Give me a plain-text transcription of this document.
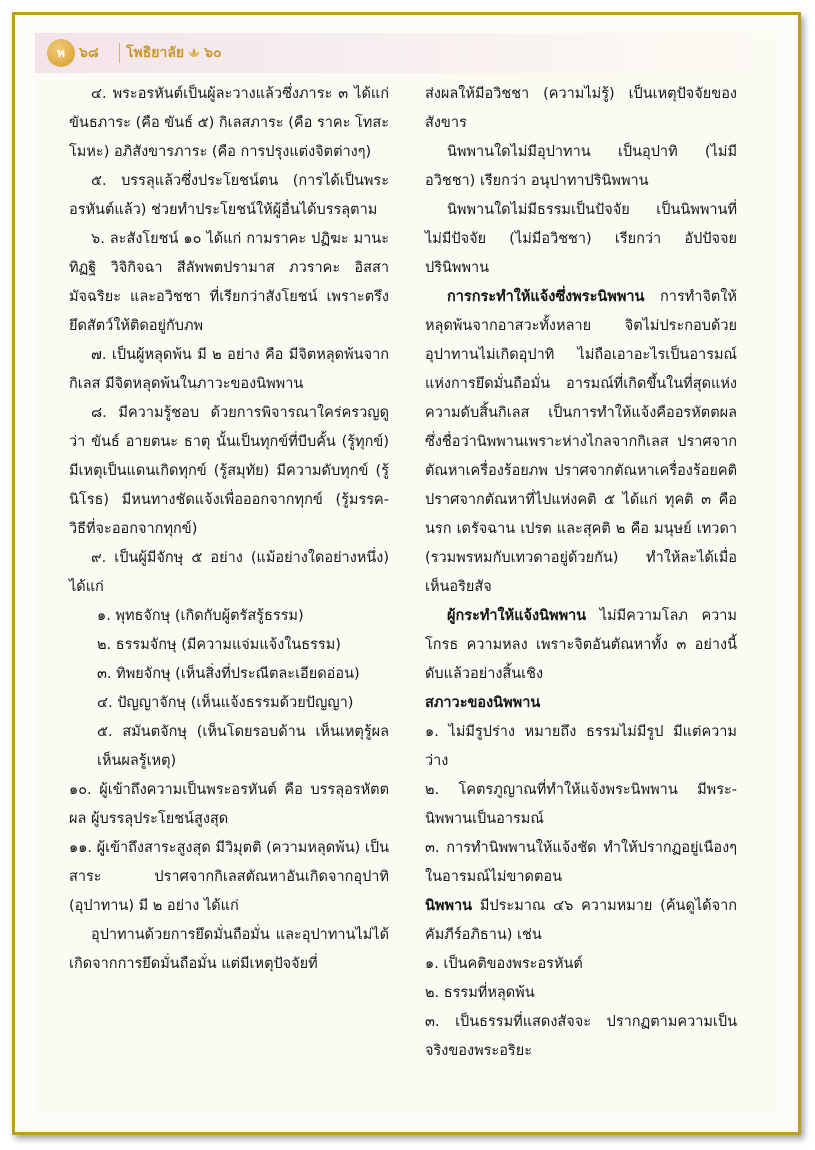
พ	๖๘ โพธิยาลัย ๖๐

๔. พระอรหันต์เป็นผู้ละวางแล้วซึ่งภาระ ๓ ได้แก่ ขันธภาระ (คือ ขันธ์ ๕) กิเลสภาระ (คือ ราคะ โทสะ โมหะ) อภิสังขารภาระ (คือ การปรุงแต่งจิตต่างๆ)

๕. บรรลุแล้วซึ่งประโยชน์ตน (การได้เป็นพระอรหันต์แล้ว) ช่วยทำประโยชน์ให้ผู้อื่นได้บรรลุตาม

๖. ละสังโยชน์ ๑๐ ได้แก่ กามราคะ ปฏิฆะ มานะ ทิฏฐิ วิจิกิจฉา สีลัพพตปรามาส ภวราคะ อิสสา มัจฉริยะ และอวิชชา ที่เรียกว่าสังโยชน์ เพราะตรึงยึดสัตว์ให้ติดอยู่กับภพ

๗. เป็นผู้หลุดพ้น มี ๒ อย่าง คือ มีจิตหลุดพ้นจากกิเลส มีจิตหลุดพ้นในภาวะของนิพพาน

๘. มีความรู้ชอบ ด้วยการพิจารณาใคร่ครวญดูว่า ขันธ์ อายตนะ ธาตุ นั้นเป็นทุกข์ที่บีบคั้น (รู้ทุกข์) มีเหตุเป็นแดนเกิดทุกข์ (รู้สมุทัย) มีความดับทุกข์ (รู้นิโรธ) มีหนทางชัดแจ้งเพื่อออกจากทุกข์ (รู้มรรค-วิธีที่จะออกจากทุกข์)

๙. เป็นผู้มีจักษุ ๕ อย่าง (แม้อย่างใดอย่างหนึ่ง) ได้แก่

๑. พุทธจักษุ (เกิดกับผู้ตรัสรู้ธรรม)

๒. ธรรมจักษุ (มีความแจ่มแจ้งในธรรม)

๓. ทิพยจักษุ (เห็นสิ่งที่ประณีตละเอียดอ่อน)

๔. ปัญญาจักษุ (เห็นแจ้งธรรมด้วยปัญญา)

๕. สมันตจักษุ (เห็นโดยรอบด้าน เห็นเหตุรู้ผล เห็นผลรู้เหตุ)

๑๐. ผู้เข้าถึงความเป็นพระอรหันต์ คือ บรรลุอรหัตตผล ผู้บรรลุประโยชน์สูงสุด

๑๑. ผู้เข้าถึงสาระสูงสุด มีวิมุตติ (ความหลุดพ้น) เป็นสาระ ปราศจากกิเลสตัณหาอันเกิดจากอุปาทิ (อุปาทาน) มี ๒ อย่าง ได้แก่

อุปาทานด้วยการยึดมั่นถือมั่น และอุปาทานไม่ได้เกิดจากการยึดมั่นถือมั่น แต่มีเหตุปัจจัยที่

ส่งผลให้มีอวิชชา (ความไม่รู้) เป็นเหตุปัจจัยของสังขาร

นิพพานใดไม่มีอุปาทาน เป็นอุปาทิ (ไม่มีอวิชชา) เรียกว่า อนุปาทาปรินิพพาน

นิพพานใดไม่มีธรรมเป็นปัจจัย เป็นนิพพานที่ไม่มีปัจจัย (ไม่มีอวิชชา) เรียกว่า อัปปัจจยปรินิพพาน

การกระทำให้แจ้งซึ่งพระนิพพาน การทำจิตให้หลุดพ้นจากอาสวะทั้งหลาย จิตไม่ประกอบด้วยอุปาทานไม่เกิดอุปาทิ ไม่ถือเอาอะไรเป็นอารมณ์แห่งการยึดมั่นถือมั่น อารมณ์ที่เกิดขึ้นในที่สุดแห่งความดับสิ้นกิเลส เป็นการทำให้แจ้งคืออรหัตตผล ซึ่งชื่อว่านิพพานเพราะห่างไกลจากกิเลส ปราศจากตัณหาเครื่องร้อยภพ ปราศจากตัณหาเครื่องร้อยคติ ปราศจากตัณหาที่ไปแห่งคติ ๕ ได้แก่ ทุคติ ๓ คือ นรก เดรัจฉาน เปรต และสุคติ ๒ คือ มนุษย์ เทวดา (รวมพรหมกับเทวดาอยู่ด้วยกัน) ทำให้ละได้เมื่อเห็นอริยสัจ

ผู้กระทำให้แจ้งนิพพาน ไม่มีความโลภ ความโกรธ ความหลง เพราะจิตอันตัณหาทั้ง ๓ อย่างนี้ดับแล้วอย่างสิ้นเชิง

สภาวะของนิพพาน

๑. ไม่มีรูปร่าง หมายถึง ธรรมไม่มีรูป มีแต่ความว่าง

๒. โคตรภูญาณที่ทำให้แจ้งพระนิพพาน มีพระ-นิพพานเป็นอารมณ์

๓. การทำนิพพานให้แจ้งชัด ทำให้ปรากฏอยู่เนืองๆ ในอารมณ์ไม่ขาดตอน

นิพพาน มีประมาณ ๔๖ ความหมาย (ค้นดูได้จากคัมภีร์อภิธาน) เช่น

๑. เป็นคติของพระอรหันต์

๒. ธรรมที่หลุดพ้น

๓. เป็นธรรมที่แสดงสัจจะ ปรากฏตามความเป็นจริงของพระอริยะ
